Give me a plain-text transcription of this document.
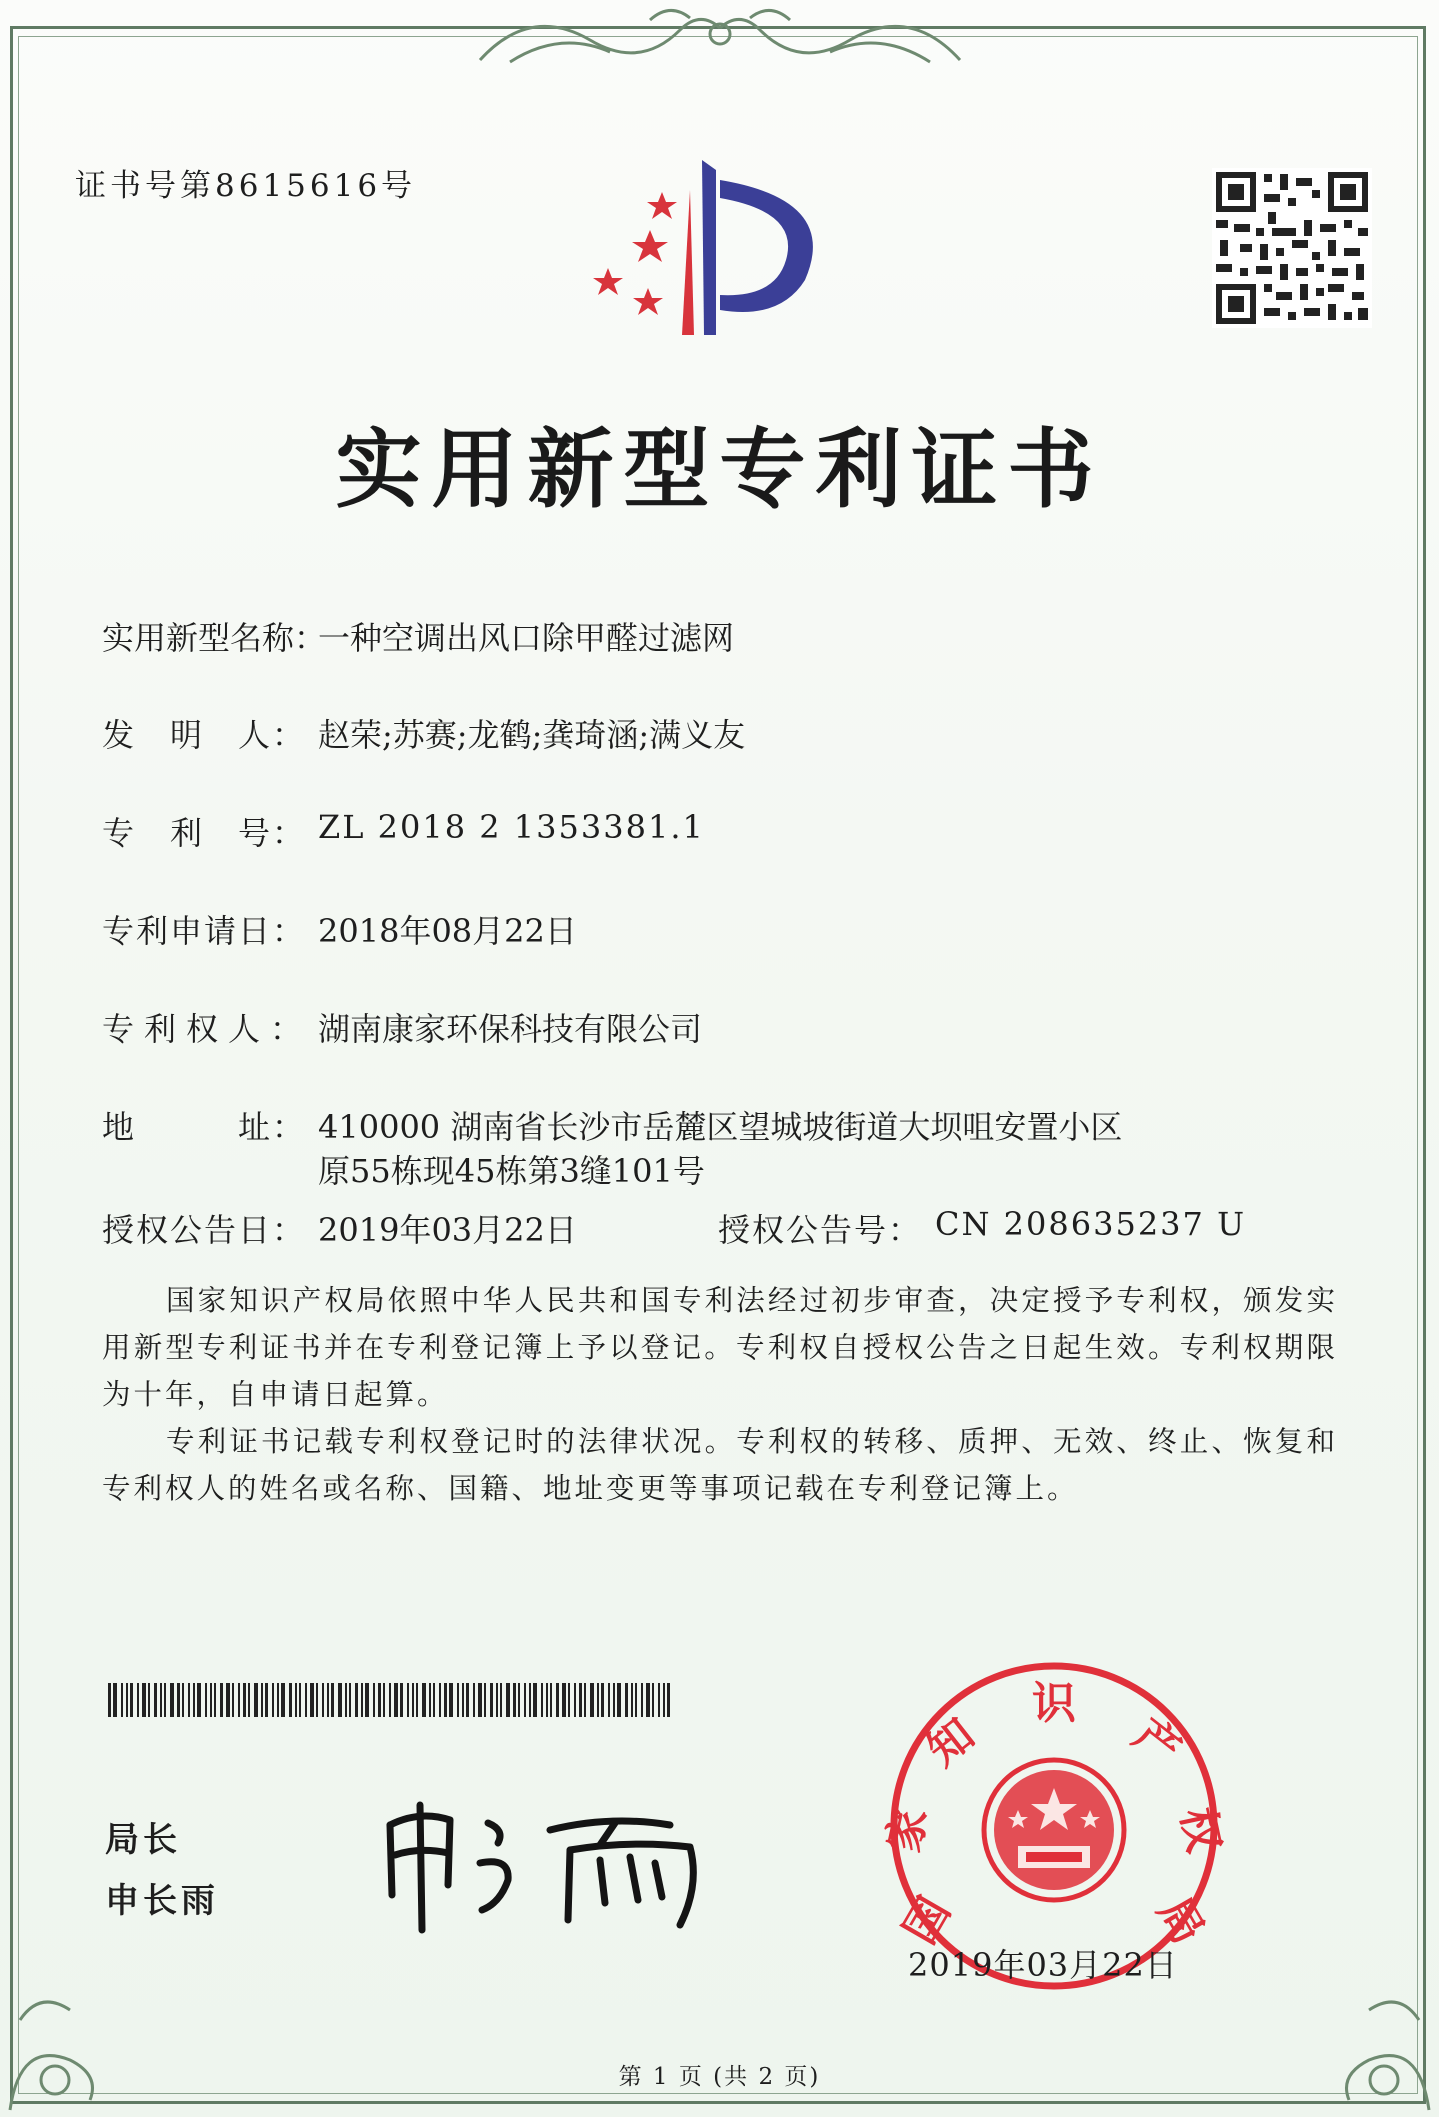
证书号第8615616号
实用新型专利证书
实用新型名称：
一种空调出风口除甲醛过滤网
发　明　人： 赵荣;苏赛;龙鹤;龚琦涵;满义友
专　利　号： ZL 2018 2 1353381.1
专利申请日： 2018年08月22日
专利权人： 湖南康家环保科技有限公司
地　　　址： 410000 湖南省长沙市岳麓区望城坡街道大坝咀安置小区
原55栋现45栋第3缝101号
授权公告日： 2019年03月22日	授权公告号： CN 208635237 U

国家知识产权局依照中华人民共和国专利法经过初步审查，决定授予专利权，颁发实用新型专利证书并在专利登记簿上予以登记。专利权自授权公告之日起生效。专利权期限为十年，自申请日起算。

专利证书记载专利权登记时的法律状况。专利权的转移、质押、无效、终止、恢复和专利权人的姓名或名称、国籍、地址变更等事项记载在专利登记簿上。

局长
申长雨	国
家
知
识
产
权
局
2019年03月22日
第 1 页 (共 2 页)
